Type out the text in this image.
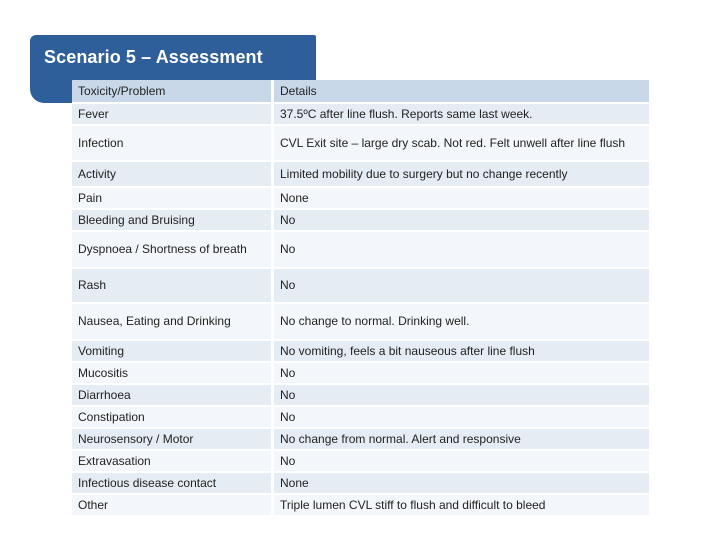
Scenario 5 – Assessment
Toxicity/Problem	Details
Fever	37.5ºC after line flush. Reports same last week.
Infection	CVL Exit site – large dry scab. Not red. Felt unwell after line flush
Activity	Limited mobility due to surgery but no change recently
Pain	None
Bleeding and Bruising	No
Dyspnoea / Shortness of breath	No
Rash	No
Nausea, Eating and Drinking	No change to normal. Drinking well.
Vomiting	No vomiting, feels a bit nauseous after line flush
Mucositis	No
Diarrhoea	No
Constipation	No
Neurosensory / Motor	No change from normal. Alert and responsive
Extravasation	No
Infectious disease contact	None
Other	Triple lumen CVL stiff to flush and difficult to bleed
